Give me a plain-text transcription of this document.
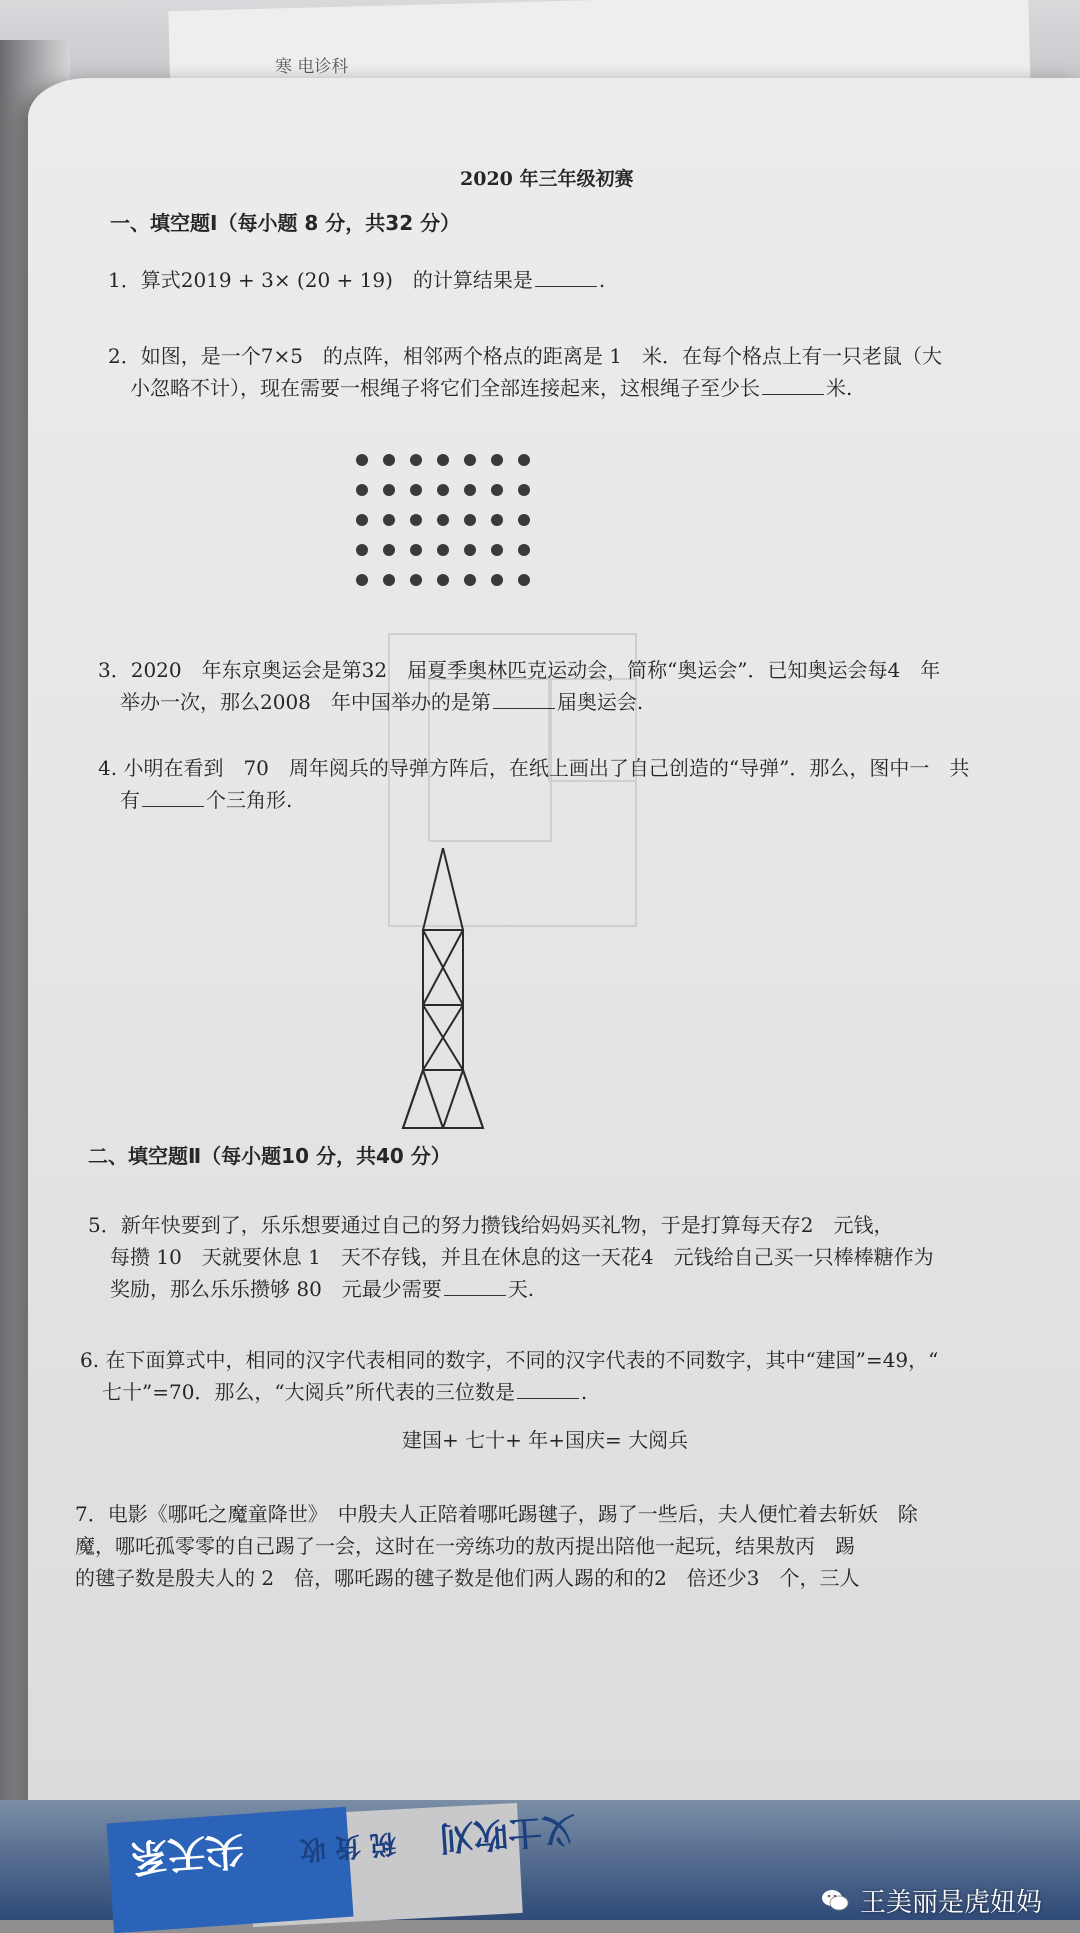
寒 电诊科
2020 年三年级初赛
一、填空题Ⅰ（每小题 8 分，共32 分）
1．算式2019 + 3× (20 + 19)　的计算结果是	.
2．如图，是一个7×5　的点阵，相邻两个格点的距离是 1　米．在每个格点上有一只老鼠（大
小忽略不计），现在需要一根绳子将它们全部连接起来，这根绳子至少长	米.
3．2020　年东京奥运会是第32　届夏季奥林匹克运动会，简称“奥运会”．已知奥运会每4　年
举办一次，那么2008　年中国举办的是第	届奥运会.
4. 小明在看到　70　周年阅兵的导弹方阵后，在纸上画出了自己创造的“导弹”．那么，图中一　共
有	个三角形.
二、填空题Ⅱ（每小题10 分，共40 分）
5．新年快要到了，乐乐想要通过自己的努力攒钱给妈妈买礼物，于是打算每天存2　元钱，
每攒 10　天就要休息 1　天不存钱，并且在休息的这一天花4　元钱给自己买一只棒棒糖作为
奖励，那么乐乐攒够 80　元最少需要	天.
6. 在下面算式中，相同的汉字代表相同的数字，不同的汉字代表的不同数字，其中“建国”=49，“
七十”=70．那么，“大阅兵”所代表的三位数是	.
建国+ 七十+ 年+国庆= 大阅兵
7．电影《哪吒之魔童降世》　中殷夫人正陪着哪吒踢毽子，踢了一些后，夫人便忙着去斩妖　除
魔，哪吒孤零零的自己踢了一会，这时在一旁练功的敖丙提出陪他一起玩，结果敖丙　踢
的毽子数是殷夫人的 2　倍，哪吒踢的毽子数是他们两人踢的和的2　倍还少3　个，三人
尖天系 税 货 收 义士吹刈
王美丽是虎妞妈
